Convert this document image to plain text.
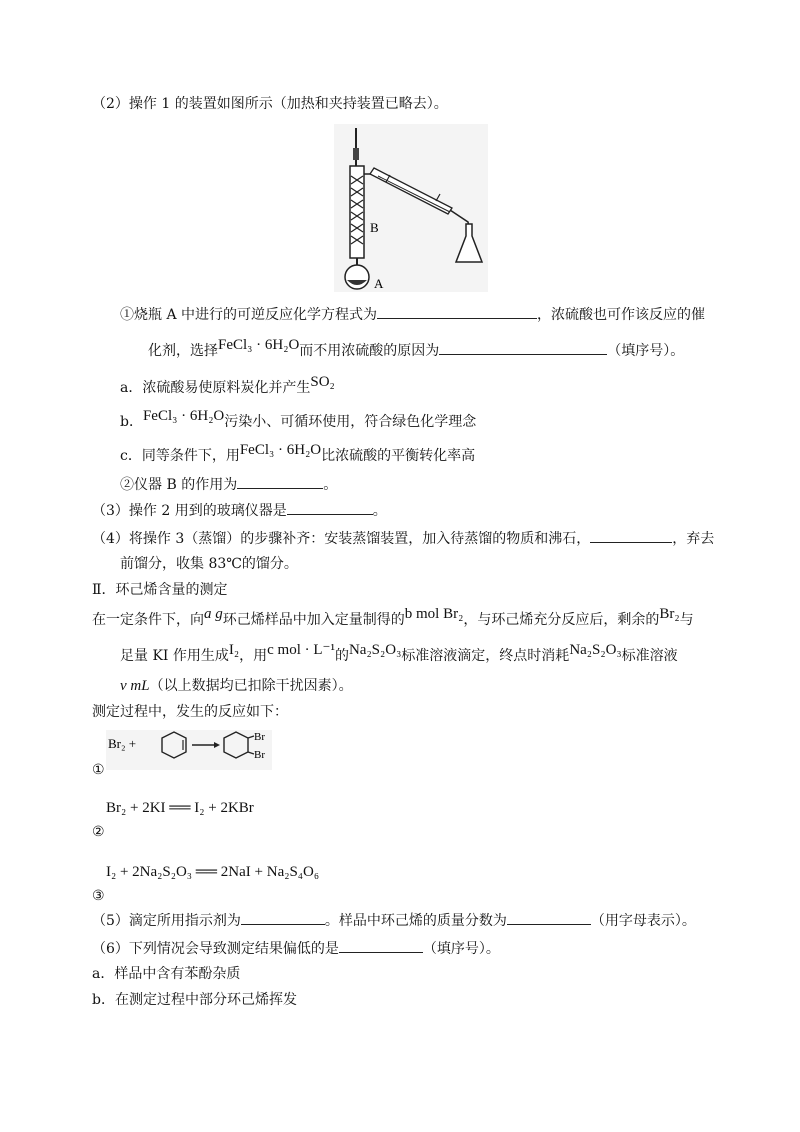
（2）操作 1 的装置如图所示（加热和夹持装置已略去）。
B
A
①烧瓶 A 中进行的可逆反应化学方程式为	，浓硫酸也可作该反应的催
化剂，选择FeCl₃ · 6H₂O而不用浓硫酸的原因为	（填序号）。
a．浓硫酸易使原料炭化并产生SO₂
b．FeCl₃ · 6H₂O污染小、可循环使用，符合绿色化学理念
c．同等条件下，用FeCl₃ · 6H₂O比浓硫酸的平衡转化率高
②仪器 B 的作用为	。
（3）操作 2 用到的玻璃仪器是	。
（4）将操作 3（蒸馏）的步骤补齐：安装蒸馏装置，加入待蒸馏的物质和沸石，	，弃去
前馏分，收集 83℃的馏分。
Ⅱ．环己烯含量的测定
在一定条件下，向a g环己烯样品中加入定量制得的b mol Br₂，与环己烯充分反应后，剩余的Br₂与
足量 KI 作用生成I₂，用c mol · L⁻¹的Na₂S₂O₃标准溶液滴定，终点时消耗Na₂S₂O₃标准溶液
v mL（以上数据均已扣除干扰因素）。
测定过程中，发生的反应如下：
Br₂ +	Br
Br
①
Br₂ + 2KI ══ I₂ + 2KBr
②
I₂ + 2Na₂S₂O₃ ══ 2NaI + Na₂S₄O₆
③
（5）滴定所用指示剂为	。样品中环己烯的质量分数为	（用字母表示）。
（6）下列情况会导致测定结果偏低的是	（填序号）。
a．样品中含有苯酚杂质
b．在测定过程中部分环己烯挥发
